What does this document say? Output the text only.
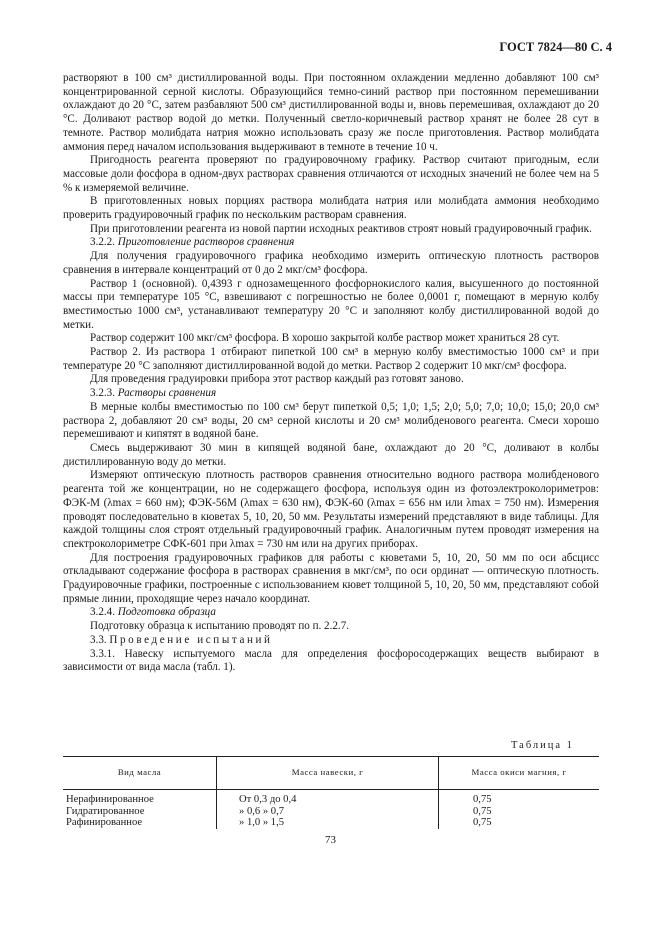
ГОСТ 7824—80 С. 4

растворяют в 100 см³ дистиллированной воды. При постоянном охлаждении медленно добавляют 100 см³ концентрированной серной кислоты. Образующийся темно-синий раствор при постоянном перемешивании охлаждают до 20 °С, затем разбавляют 500 см³ дистиллированной воды и, вновь перемешивая, охлаждают до 20 °С. Доливают раствор водой до метки. Полученный светло-коричневый раствор хранят не более 28 сут в темноте. Раствор молибдата натрия можно использовать сразу же после приготовления. Раствор молибдата аммония перед началом использования выдерживают в темноте в течение 10 ч.

Пригодность реагента проверяют по градуировочному графику. Раствор считают пригодным, если массовые доли фосфора в одном-двух растворах сравнения отличаются от исходных значений не более чем на 5 % к измеряемой величине.

В приготовленных новых порциях раствора молибдата натрия или молибдата аммония необходимо проверить градуировочный график по нескольким растворам сравнения.

При приготовлении реагента из новой партии исходных реактивов строят новый градуировочный график.

3.2.2. Приготовление растворов сравнения

Для получения градуировочного графика необходимо измерить оптическую плотность растворов сравнения в интервале концентраций от 0 до 2 мкг/см³ фосфора.

Раствор 1 (основной). 0,4393 г однозамещенного фосфорнокислого калия, высушенного до постоянной массы при температуре 105 °С, взвешивают с погрешностью не более 0,0001 г, помещают в мерную колбу вместимостью 1000 см³, устанавливают температуру 20 °С и заполняют колбу дистиллированной водой до метки.

Раствор содержит 100 мкг/см³ фосфора. В хорошо закрытой колбе раствор может храниться 28 сут.

Раствор 2. Из раствора 1 отбирают пипеткой 100 см³ в мерную колбу вместимостью 1000 см³ и при температуре 20 °С заполняют дистиллированной водой до метки. Раствор 2 содержит 10 мкг/см³ фосфора.

Для проведения градуировки прибора этот раствор каждый раз готовят заново.

3.2.3. Растворы сравнения

В мерные колбы вместимостью по 100 см³ берут пипеткой 0,5; 1,0; 1,5; 2,0; 5,0; 7,0; 10,0; 15,0; 20,0 см³ раствора 2, добавляют 20 см³ воды, 20 см³ серной кислоты и 20 см³ молибденового реагента. Смеси хорошо перемешивают и кипятят в водяной бане.

Смесь выдерживают 30 мин в кипящей водяной бане, охлаждают до 20 °С, доливают в колбы дистиллированную воду до метки.

Измеряют оптическую плотность растворов сравнения относительно водного раствора молибденового реагента той же концентрации, но не содержащего фосфора, используя один из фотоэлектроколориметров: ФЭК-М (λmax = 660 нм); ФЭК-56М (λmax = 630 нм), ФЭК-60 (λmax = 656 нм или λmax = 750 нм). Измерения проводят последовательно в кюветах 5, 10, 20, 50 мм. Результаты измерений представляют в виде таблицы. Для каждой толщины слоя строят отдельный градуировочный график. Аналогичным путем проводят измерения на спектроколориметре СФК-601 при λmax = 730 нм или на других приборах.

Для построения градуировочных графиков для работы с кюветами 5, 10, 20, 50 мм по оси абсцисс откладывают содержание фосфора в растворах сравнения в мкг/см³, по оси ординат — оптическую плотность. Градуировочные графики, построенные с использованием кювет толщиной 5, 10, 20, 50 мм, представляют собой прямые линии, проходящие через начало координат.

3.2.4. Подготовка образца

Подготовку образца к испытанию проводят по п. 2.2.7.

3.3. Проведение испытаний

3.3.1. Навеску испытуемого масла для определения фосфоросодержащих веществ выбирают в зависимости от вида масла (табл. 1).

Таблица 1
Вид масла	Масса навески, г	Масса окиси магния, г
Нерафинированное	От 0,3 до 0,4	0,75
Гидратированное	» 0,6 » 0,7	0,75
Рафинированное	» 1,0 » 1,5	0,75
73
